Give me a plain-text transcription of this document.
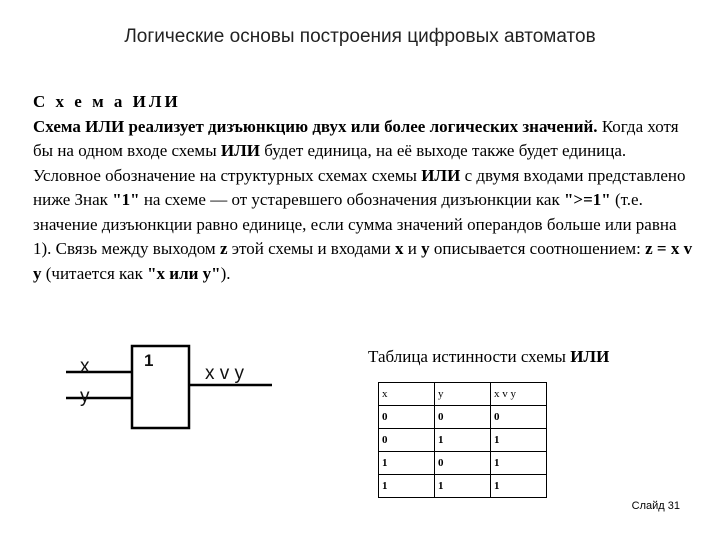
Логические основы построения цифровых автоматов

С х е м а ИЛИ

Схема ИЛИ реализует дизъюнкцию двух или более логических значений. Когда хотя бы на одном входе схемы ИЛИ будет единица, на её выходе также будет единица.

Условное обозначение на структурных схемах схемы ИЛИ с двумя входами представлено ниже Знак "1" на схеме — от устаревшего обозначения дизъюнкции как ">=1" (т.е. значение дизъюнкции равно единице, если сумма значений операндов больше или равна 1). Связь между выходом z этой схемы и входами x и y описывается соотношением: z = x v y (читается как "x или y").

x
y
1
x v y
Таблица истинности схемы ИЛИ
x	y	x v y
0	0	0
0	1	1
1	0	1
1	1	1
Слайд 31
